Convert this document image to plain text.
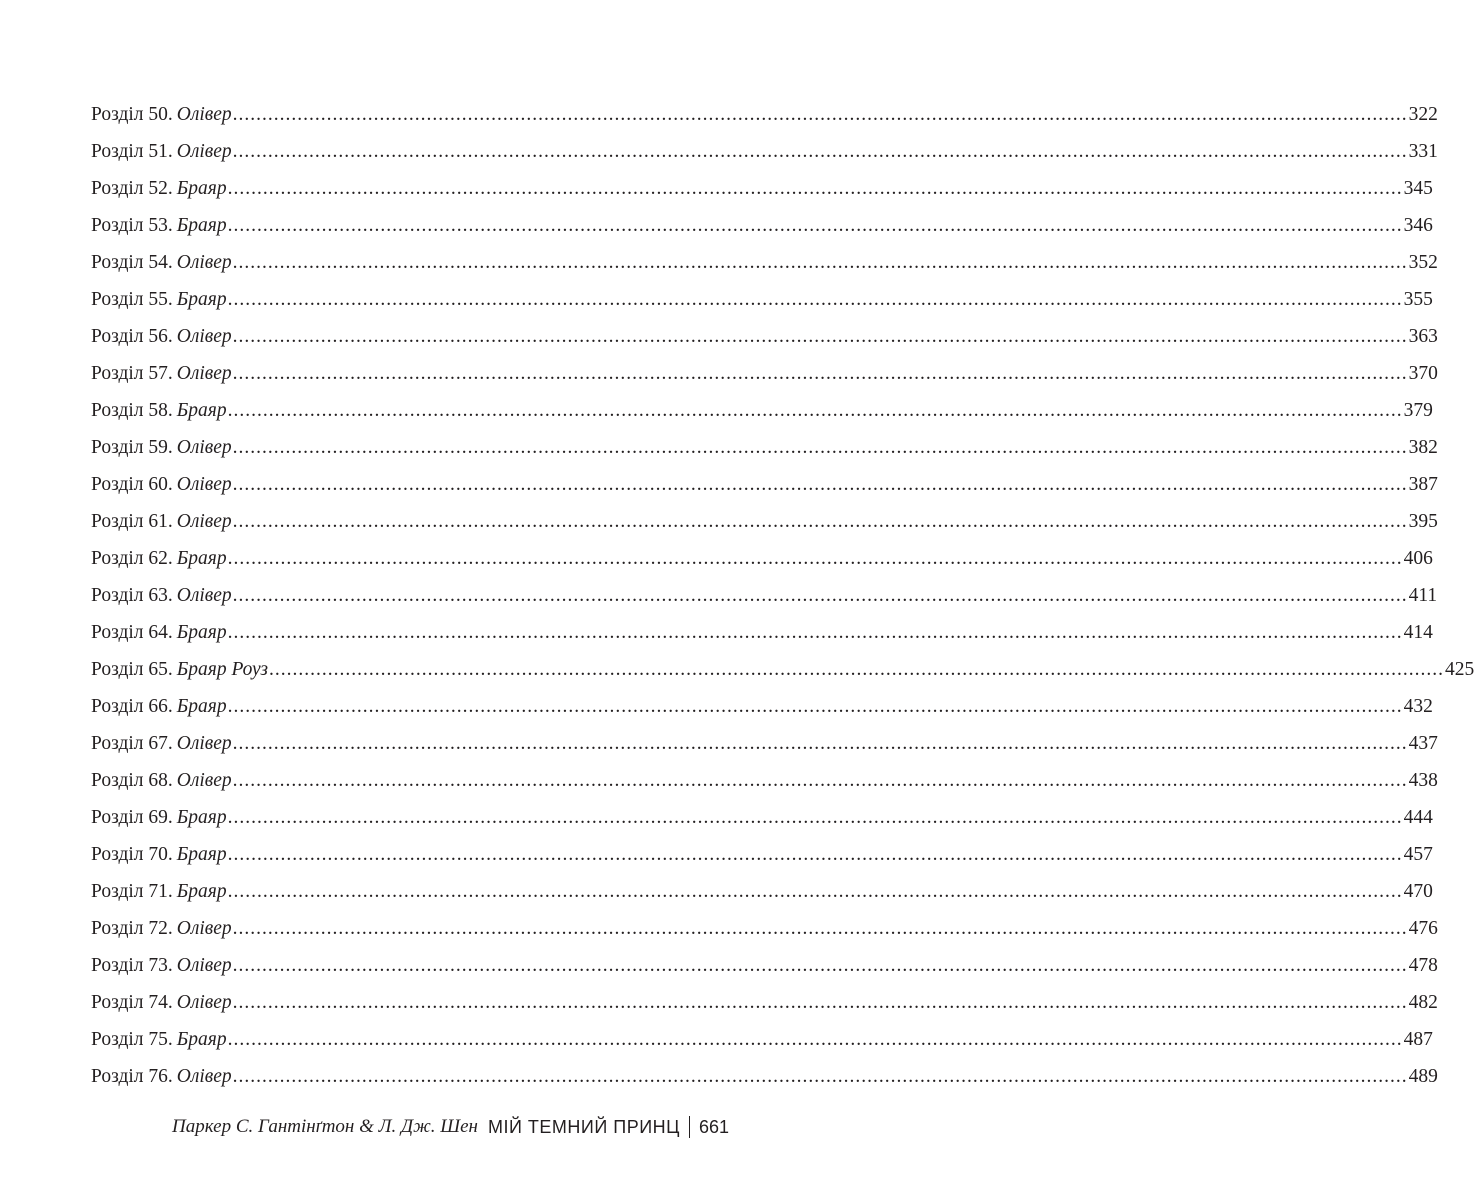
Розділ 50. Олівер ........................................................................................................................................................................................................ 322
Розділ 51. Олівер ........................................................................................................................................................................................................ 331
Розділ 52. Браяр ........................................................................................................................................................................................................ 345
Розділ 53. Браяр ........................................................................................................................................................................................................ 346
Розділ 54. Олівер ........................................................................................................................................................................................................ 352
Розділ 55. Браяр ........................................................................................................................................................................................................ 355
Розділ 56. Олівер ........................................................................................................................................................................................................ 363
Розділ 57. Олівер ........................................................................................................................................................................................................ 370
Розділ 58. Браяр ........................................................................................................................................................................................................ 379
Розділ 59. Олівер ........................................................................................................................................................................................................ 382
Розділ 60. Олівер ........................................................................................................................................................................................................ 387
Розділ 61. Олівер ........................................................................................................................................................................................................ 395
Розділ 62. Браяр ........................................................................................................................................................................................................ 406
Розділ 63. Олівер ........................................................................................................................................................................................................ 411
Розділ 64. Браяр ........................................................................................................................................................................................................ 414
Розділ 65. Браяр Роуз ........................................................................................................................................................................................................ 425
Розділ 66. Браяр ........................................................................................................................................................................................................ 432
Розділ 67. Олівер ........................................................................................................................................................................................................ 437
Розділ 68. Олівер ........................................................................................................................................................................................................ 438
Розділ 69. Браяр ........................................................................................................................................................................................................ 444
Розділ 70. Браяр ........................................................................................................................................................................................................ 457
Розділ 71. Браяр ........................................................................................................................................................................................................ 470
Розділ 72. Олівер ........................................................................................................................................................................................................ 476
Розділ 73. Олівер ........................................................................................................................................................................................................ 478
Розділ 74. Олівер ........................................................................................................................................................................................................ 482
Розділ 75. Браяр ........................................................................................................................................................................................................ 487
Розділ 76. Олівер ........................................................................................................................................................................................................ 489
Паркер С. Гантінґтон & Л. Дж. Шен МІЙ ТЕМНИЙ ПРИНЦ 661
